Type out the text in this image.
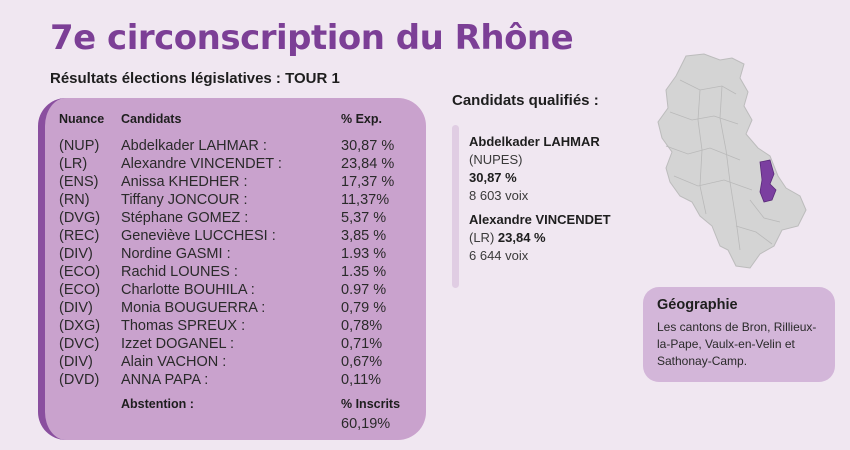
7e circonscription du Rhône
Résultats élections législatives : TOUR 1
Nuance Candidats	% Exp.
(NUP) Abdelkader LAHMAR :	30,87 %
(LR) Alexandre VINCENDET :	23,84 %
(ENS) Anissa KHEDHER :	17,37 %
(RN) Tiffany JONCOUR :	11,37%
(DVG) Stéphane GOMEZ :	5,37 %
(REC) Geneviève LUCCHESI :	3,85 %
(DIV) Nordine GASMI :	1.93 %
(ECO) Rachid LOUNES :	1.35 %
(ECO) Charlotte BOUHILA :	0.97 %
(DIV) Monia BOUGUERRA :	0,79 %
(DXG) Thomas SPREUX :	0,78%
(DVC) Izzet DOGANEL :	0,71%
(DIV) Alain VACHON :	0,67%
(DVD) ANNA PAPA :	0,11%
Abstention :	% Inscrits
60,19%
Candidats qualifiés :
Abdelkader LAHMAR
(NUPES)
30,87 %
8 603 voix
Alexandre VINCENDET
(LR) 23,84 %
6 644 voix
Géographie
Les cantons de Bron, Rillieux-la-Pape, Vaulx-en-Velin et Sathonay-Camp.
